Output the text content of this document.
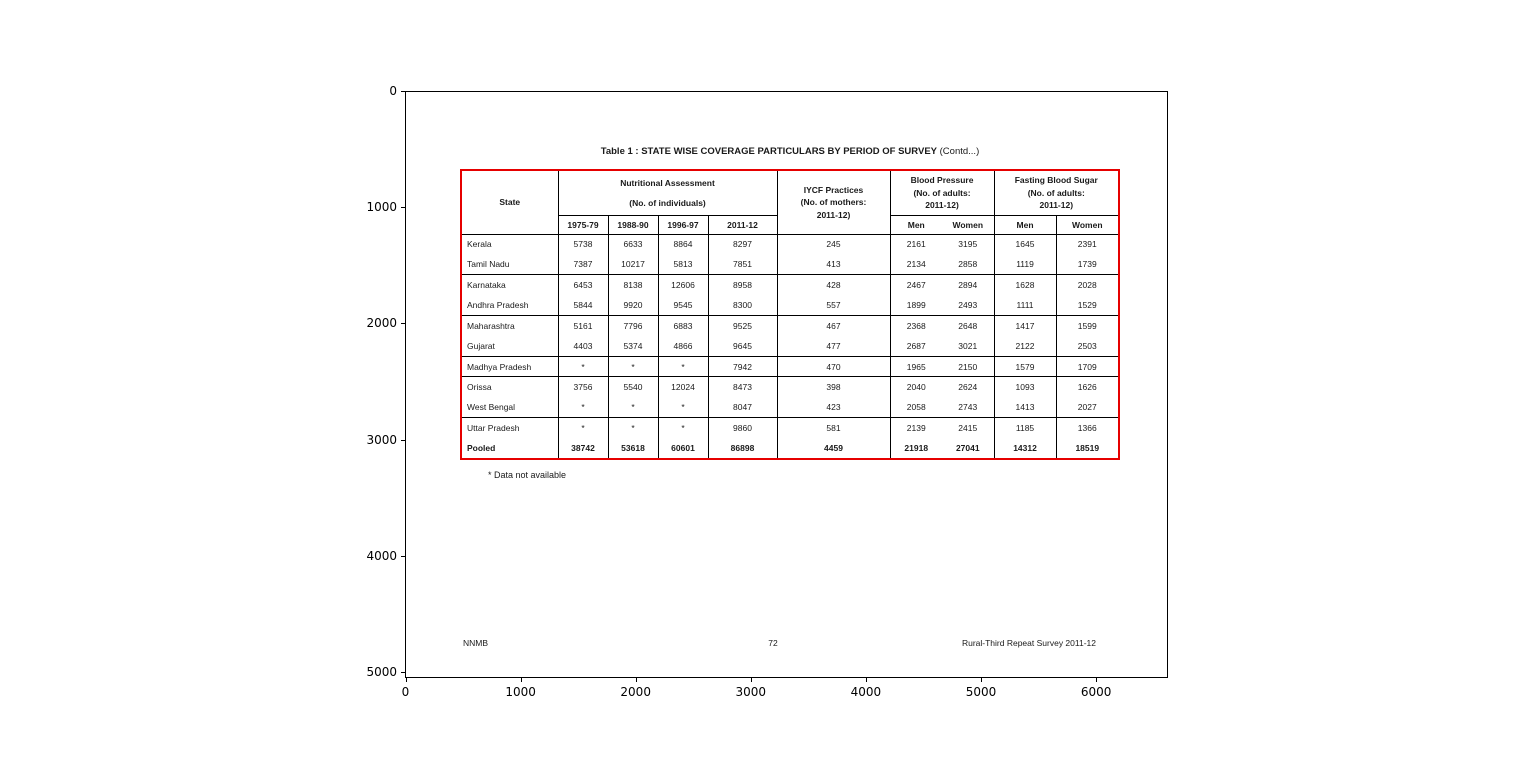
0
1000
2000
3000
4000
5000
0	1000	2000	3000	4000	5000	6000
Table 1 : STATE WISE COVERAGE PARTICULARS BY PERIOD OF SURVEY (Contd...)
State	
Nutritional Assessment
(No. of individuals)

IYCF Practices
(No. of mothers:
2011-12)

Blood Pressure
(No. of adults:
2011-12)

Fasting Blood Sugar
(No. of adults:
2011-12)

	1975-79	1988-90	1996-97	2011-12		Men	Women	Men	Women
Kerala	5738	6633	8864	8297	245	2161	3195	1645	2391
Tamil Nadu	7387	10217	5813	7851	413	2134	2858	1119	1739
Karnataka	6453	8138	12606	8958	428	2467	2894	1628	2028
Andhra Pradesh	5844	9920	9545	8300	557	1899	2493	1111	1529
Maharashtra	5161	7796	6883	9525	467	2368	2648	1417	1599
Gujarat	4403	5374	4866	9645	477	2687	3021	2122	2503
Madhya Pradesh	*	*	*	7942	470	1965	2150	1579	1709
Orissa	3756	5540	12024	8473	398	2040	2624	1093	1626
West Bengal	*	*	*	8047	423	2058	2743	1413	2027
Uttar Pradesh	*	*	*	9860	581	2139	2415	1185	1366
Pooled	38742	53618	60601	86898	4459	21918	27041	14312	18519
* Data not available
NNMB	72	Rural-Third Repeat Survey 2011-12
